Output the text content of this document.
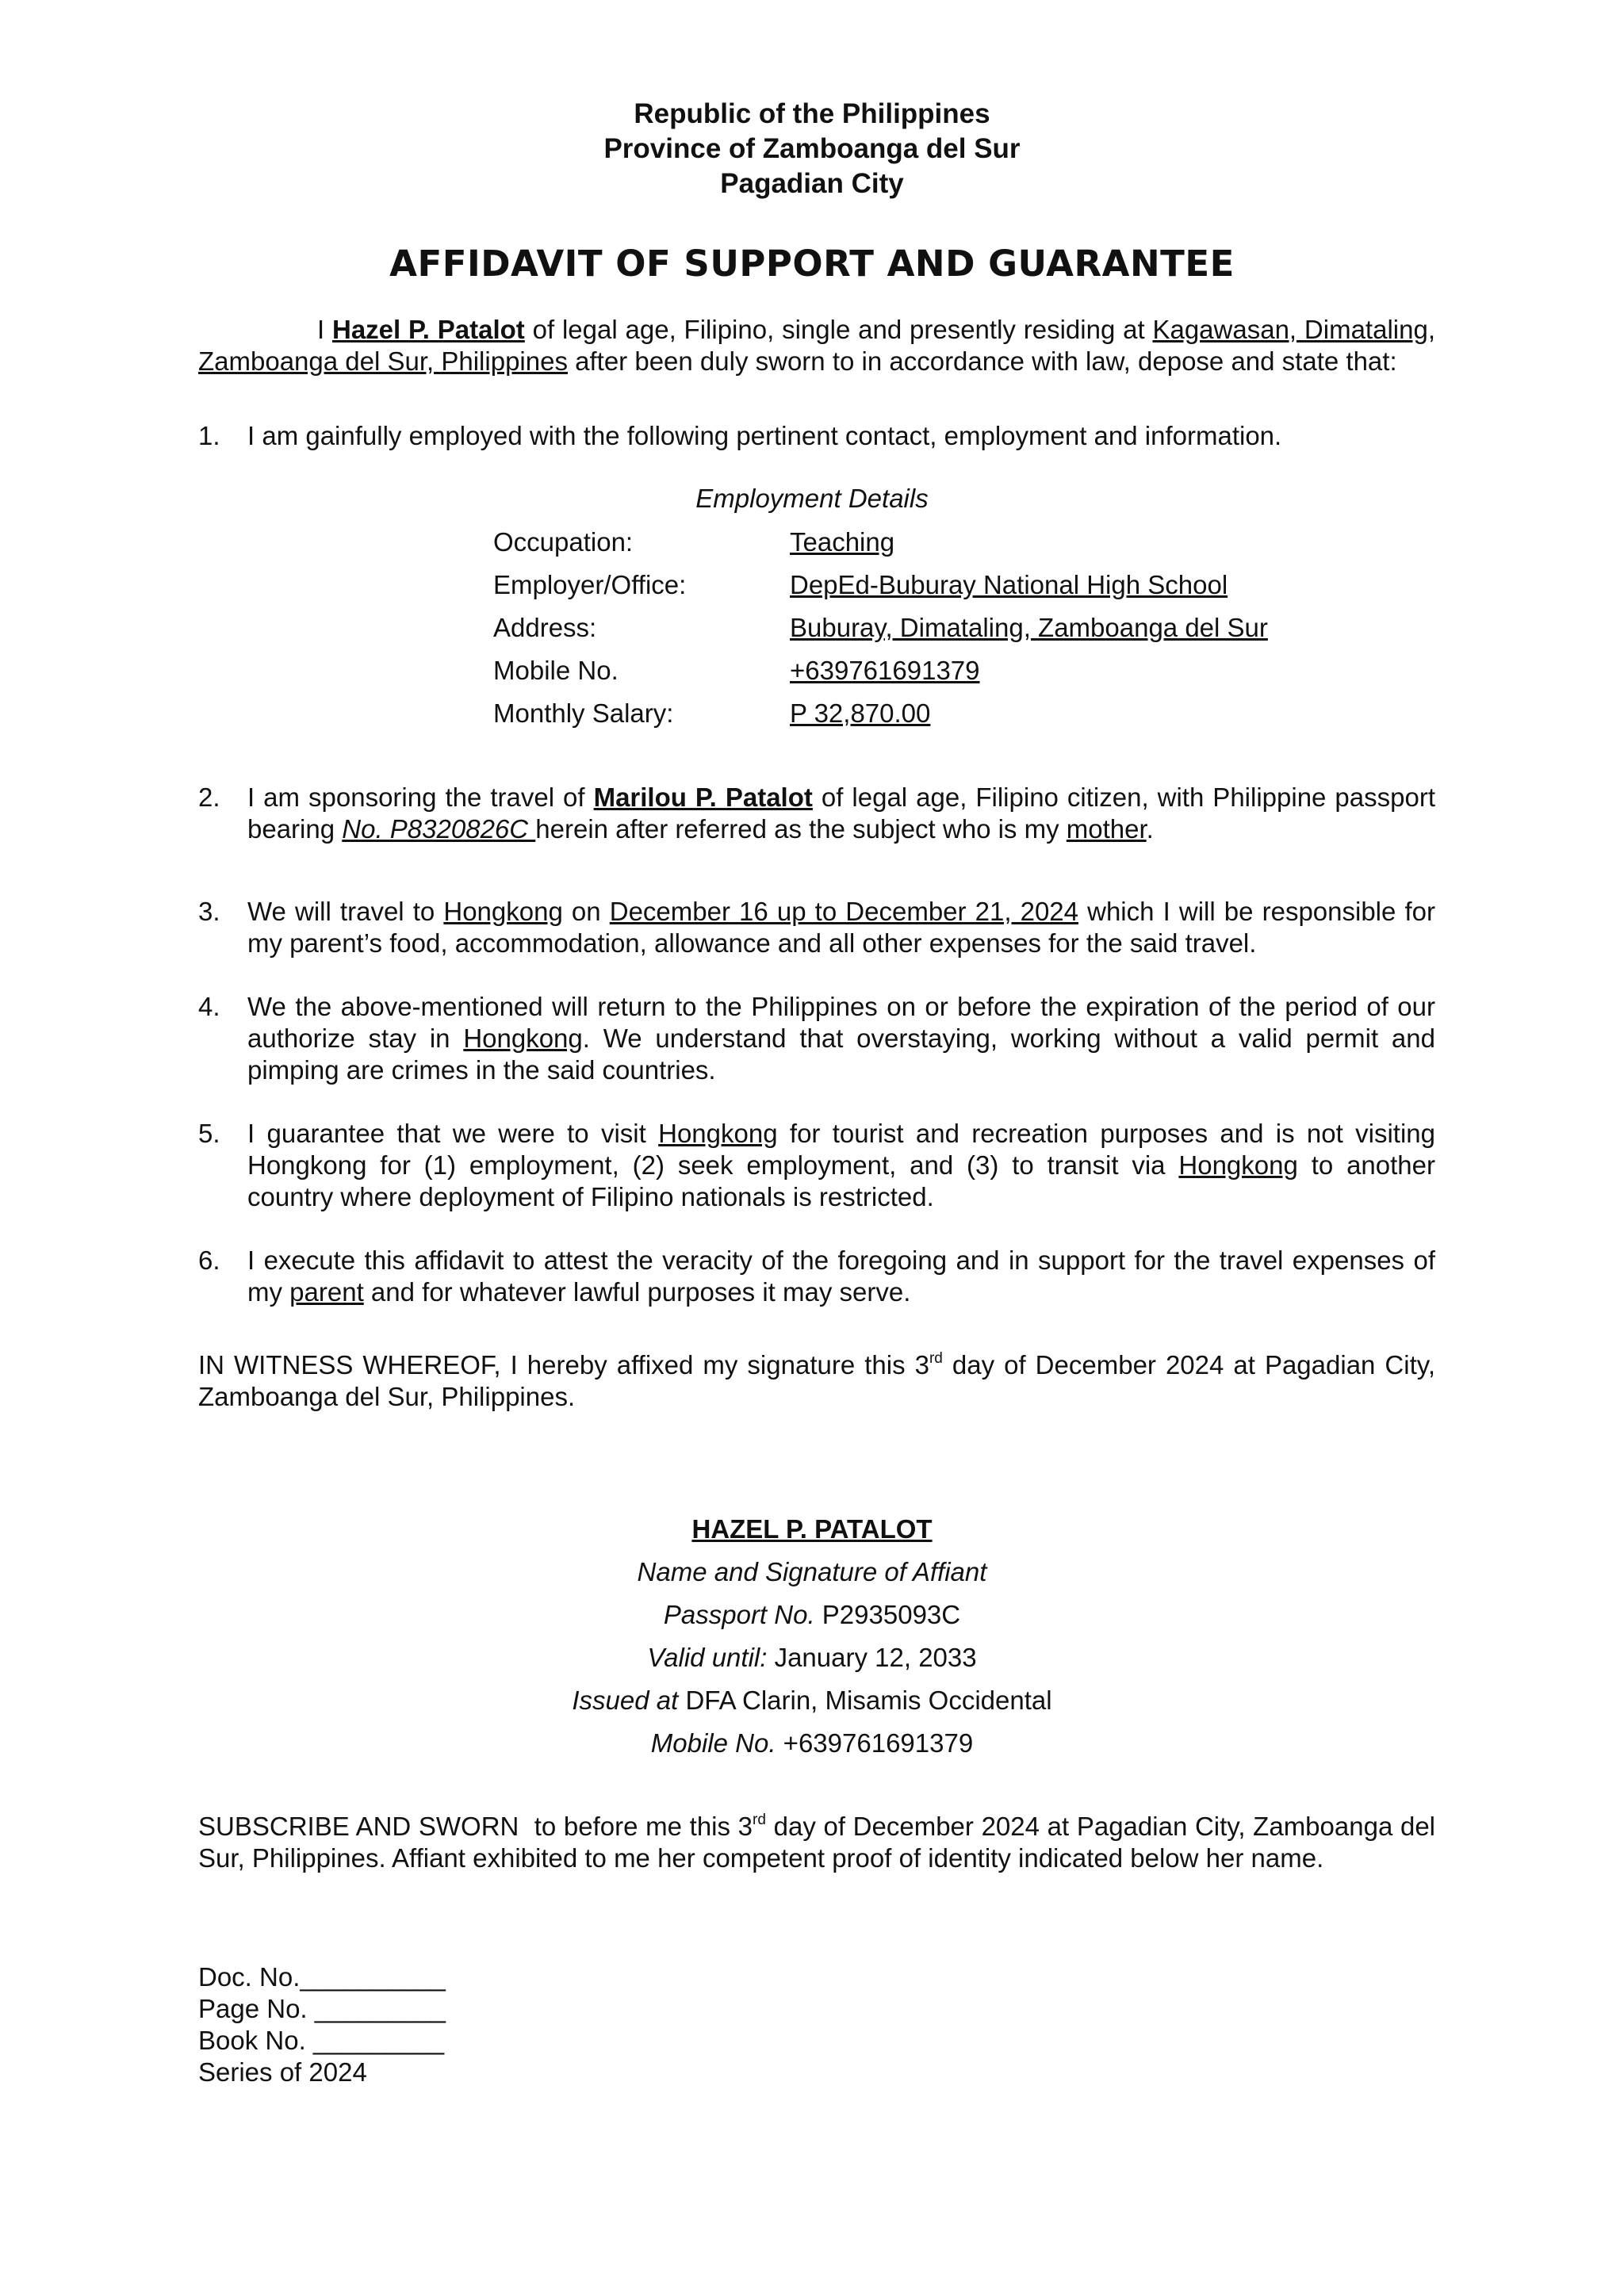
Republic of the Philippines
Province of Zamboanga del Sur
Pagadian City
AFFIDAVIT OF SUPPORT AND GUARANTEE
I Hazel P. Patalot of legal age, Filipino, single and presently residing at Kagawasan, Dimataling, Zamboanga del Sur, Philippines after been duly sworn to in accordance with law, depose and state that:
1.	I am gainfully employed with the following pertinent contact, employment and information.
Employment Details
Occupation:	Teaching
Employer/Office:	DepEd-Buburay National High School
Address:	Buburay, Dimataling, Zamboanga del Sur
Mobile No.	+639761691379
Monthly Salary:	P 32,870.00
2.	I am sponsoring the travel of Marilou P. Patalot of legal age, Filipino citizen, with Philippine passport bearing No. P8320826C herein after referred as the subject who is my mother.
3.	We will travel to Hongkong on December 16 up to December 21, 2024 which I will be responsible for my parent’s food, accommodation, allowance and all other expenses for the said travel.
4.	We the above-mentioned will return to the Philippines on or before the expiration of the period of our authorize stay in Hongkong. We understand that overstaying, working without a valid permit and pimping are crimes in the said countries.
5.	I guarantee that we were to visit Hongkong for tourist and recreation purposes and is not visiting Hongkong for (1) employment, (2) seek employment, and (3) to transit via Hongkong to another country where deployment of Filipino nationals is restricted.
6.	I execute this affidavit to attest the veracity of the foregoing and in support for the travel expenses of my parent and for whatever lawful purposes it may serve.
IN WITNESS WHEREOF, I hereby affixed my signature this 3rd day of December 2024 at Pagadian City, Zamboanga del Sur, Philippines.
HAZEL P. PATALOT
Name and Signature of Affiant
Passport No. P2935093C
Valid until: January 12, 2033
Issued at DFA Clarin, Misamis Occidental
Mobile No. +639761691379
SUBSCRIBE AND SWORN  to before me this 3rd day of December 2024 at Pagadian City, Zamboanga del Sur, Philippines. Affiant exhibited to me her competent proof of identity indicated below her name.
Doc. No.__________
Page No. _________
Book No. _________
Series of 2024
